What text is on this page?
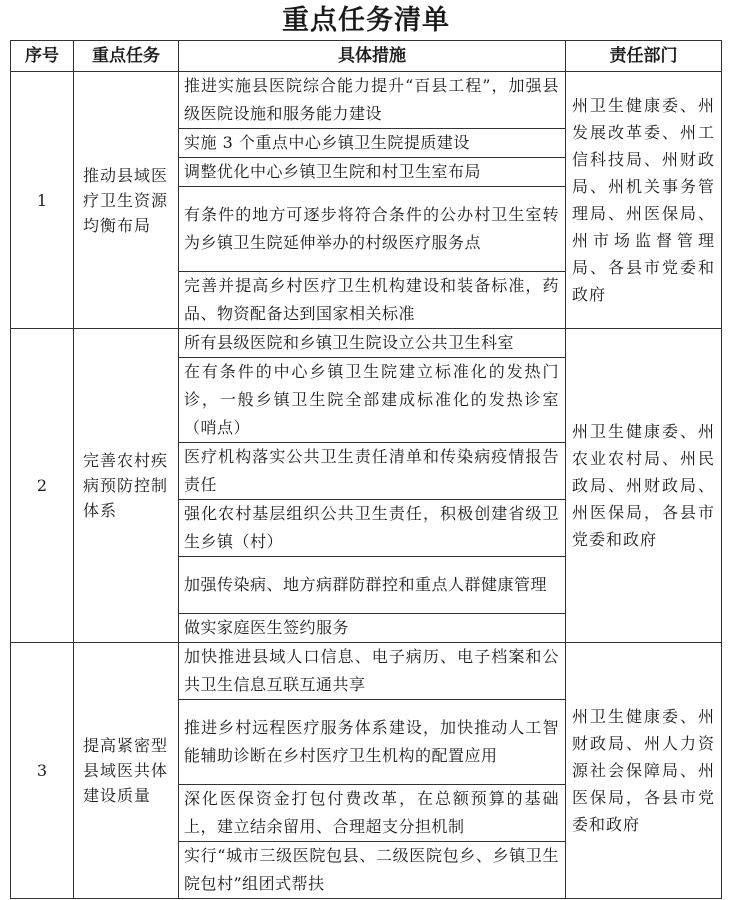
重点任务清单
序号	重点任务	具体措施	责任部门
1	推动县域医疗卫生资源均衡布局	推进实施县医院综合能力提升“百县工程”，加强县级医院设施和服务能力建设	州卫生健康委、州发展改革委、州工信科技局、州财政局、州机关事务管理局、州医保局、州市场监督管理局、各县市党委和政府
		实施 3 个重点中心乡镇卫生院提质建设	
		调整优化中心乡镇卫生院和村卫生室布局	
		有条件的地方可逐步将符合条件的公办村卫生室转为乡镇卫生院延伸举办的村级医疗服务点	
		完善并提高乡村医疗卫生机构建设和装备标准，药品、物资配备达到国家相关标准	
2	完善农村疾病预防控制体系	所有县级医院和乡镇卫生院设立公共卫生科室	州卫生健康委、州农业农村局、州民政局、州财政局、州医保局，各县市党委和政府
		在有条件的中心乡镇卫生院建立标准化的发热门诊，一般乡镇卫生院全部建成标准化的发热诊室（哨点）	
		医疗机构落实公共卫生责任清单和传染病疫情报告责任	
		强化农村基层组织公共卫生责任，积极创建省级卫生乡镇（村）	
		加强传染病、地方病群防群控和重点人群健康管理	
		做实家庭医生签约服务	
3	提高紧密型县域医共体建设质量	加快推进县域人口信息、电子病历、电子档案和公共卫生信息互联互通共享	州卫生健康委、州财政局、州人力资源社会保障局、州医保局，各县市党委和政府
		推进乡村远程医疗服务体系建设，加快推动人工智能辅助诊断在乡村医疗卫生机构的配置应用	
		深化医保资金打包付费改革，在总额预算的基础上，建立结余留用、合理超支分担机制	
		实行“城市三级医院包县、二级医院包乡、乡镇卫生院包村”组团式帮扶	
